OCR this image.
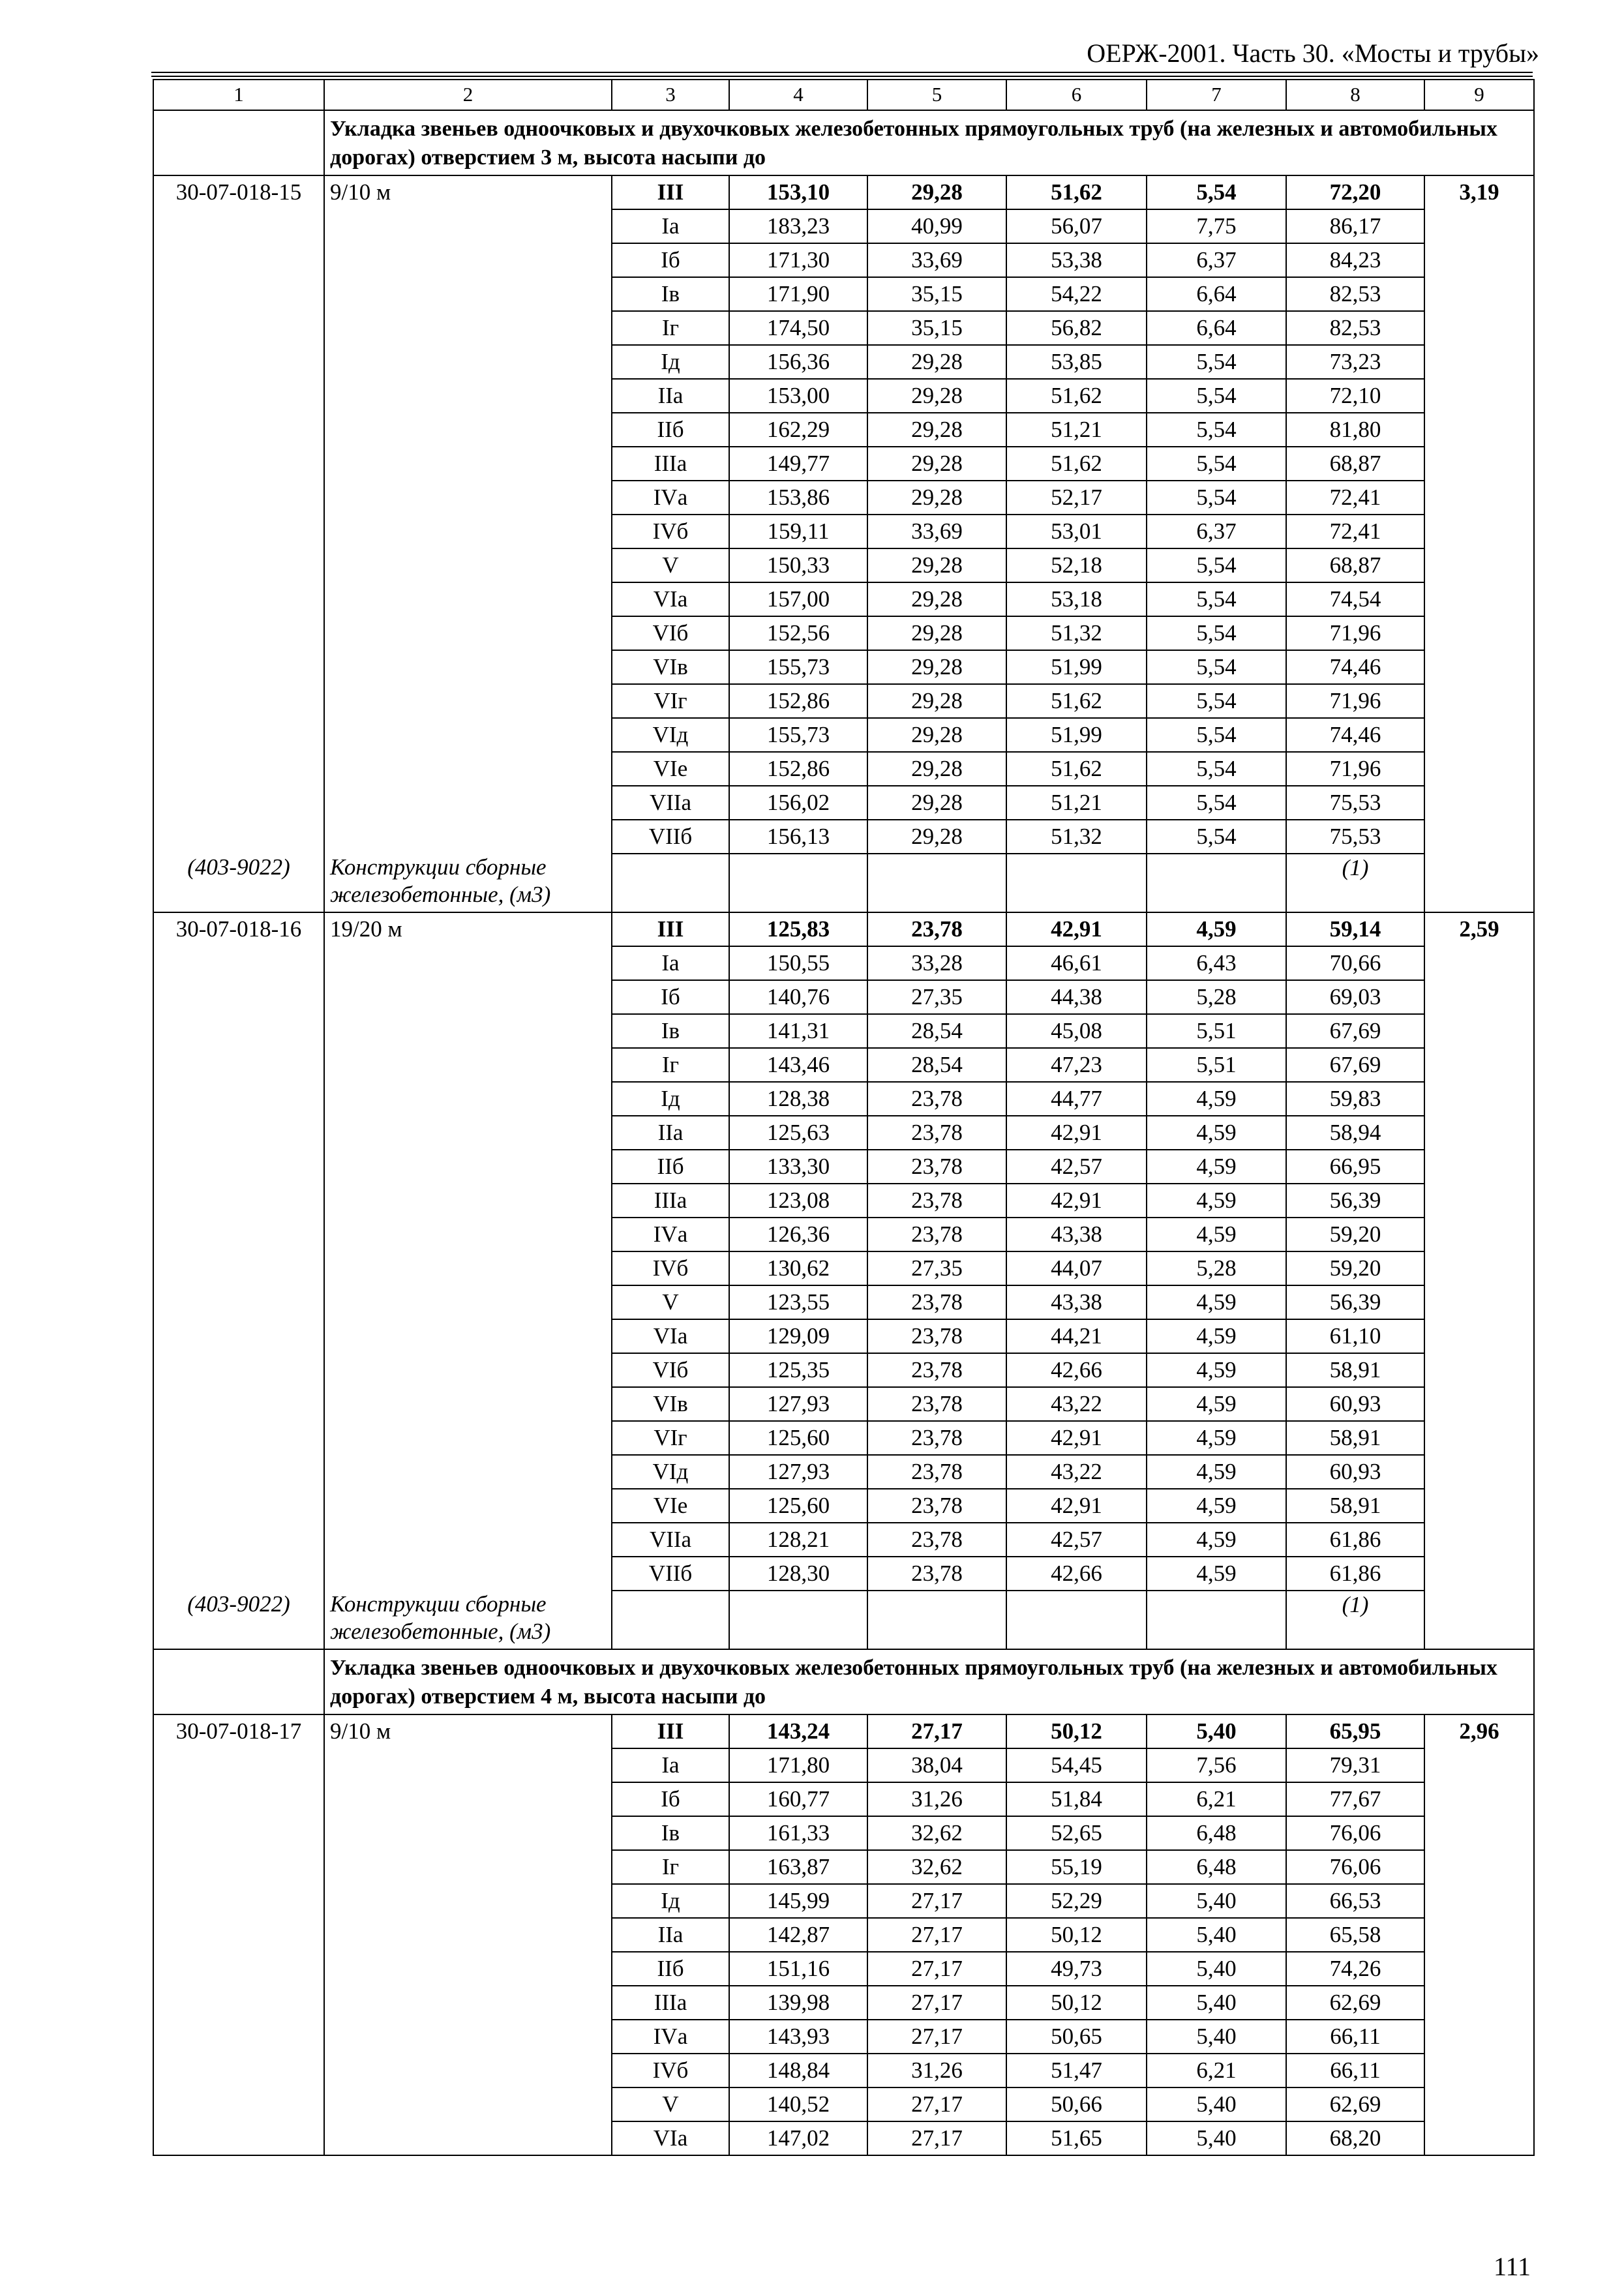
ОЕРЖ-2001. Часть 30. «Мосты и трубы»
1	2	3	4	5	6	7	8	9
	Укладка звеньев одноочковых и двухочковых железобетонных прямоугольных труб (на железных и автомобильных дорогах) отверстием 3 м, высота насыпи до							
30-07-018-15	9/10 м	III	153,10	29,28	51,62	5,54	72,20	3,19
		Iа	183,23	40,99	56,07	7,75	86,17	
		Iб	171,30	33,69	53,38	6,37	84,23	
		Iв	171,90	35,15	54,22	6,64	82,53	
		Iг	174,50	35,15	56,82	6,64	82,53	
		Iд	156,36	29,28	53,85	5,54	73,23	
		IIа	153,00	29,28	51,62	5,54	72,10	
		IIб	162,29	29,28	51,21	5,54	81,80	
		IIIа	149,77	29,28	51,62	5,54	68,87	
		IVа	153,86	29,28	52,17	5,54	72,41	
		IVб	159,11	33,69	53,01	6,37	72,41	
		V	150,33	29,28	52,18	5,54	68,87	
		VIа	157,00	29,28	53,18	5,54	74,54	
		VIб	152,56	29,28	51,32	5,54	71,96	
		VIв	155,73	29,28	51,99	5,54	74,46	
		VIг	152,86	29,28	51,62	5,54	71,96	
		VIд	155,73	29,28	51,99	5,54	74,46	
		VIе	152,86	29,28	51,62	5,54	71,96	
		VIIа	156,02	29,28	51,21	5,54	75,53	
		VIIб	156,13	29,28	51,32	5,54	75,53	
(403-9022)	Конструкции сборные железобетонные, (м3)						(1)	
30-07-018-16	19/20 м	III	125,83	23,78	42,91	4,59	59,14	2,59
		Iа	150,55	33,28	46,61	6,43	70,66	
		Iб	140,76	27,35	44,38	5,28	69,03	
		Iв	141,31	28,54	45,08	5,51	67,69	
		Iг	143,46	28,54	47,23	5,51	67,69	
		Iд	128,38	23,78	44,77	4,59	59,83	
		IIа	125,63	23,78	42,91	4,59	58,94	
		IIб	133,30	23,78	42,57	4,59	66,95	
		IIIа	123,08	23,78	42,91	4,59	56,39	
		IVа	126,36	23,78	43,38	4,59	59,20	
		IVб	130,62	27,35	44,07	5,28	59,20	
		V	123,55	23,78	43,38	4,59	56,39	
		VIа	129,09	23,78	44,21	4,59	61,10	
		VIб	125,35	23,78	42,66	4,59	58,91	
		VIв	127,93	23,78	43,22	4,59	60,93	
		VIг	125,60	23,78	42,91	4,59	58,91	
		VIд	127,93	23,78	43,22	4,59	60,93	
		VIе	125,60	23,78	42,91	4,59	58,91	
		VIIа	128,21	23,78	42,57	4,59	61,86	
		VIIб	128,30	23,78	42,66	4,59	61,86	
(403-9022)	Конструкции сборные железобетонные, (м3)						(1)	
	Укладка звеньев одноочковых и двухочковых железобетонных прямоугольных труб (на железных и автомобильных дорогах) отверстием 4 м, высота насыпи до							
30-07-018-17	9/10 м	III	143,24	27,17	50,12	5,40	65,95	2,96
		Iа	171,80	38,04	54,45	7,56	79,31	
		Iб	160,77	31,26	51,84	6,21	77,67	
		Iв	161,33	32,62	52,65	6,48	76,06	
		Iг	163,87	32,62	55,19	6,48	76,06	
		Iд	145,99	27,17	52,29	5,40	66,53	
		IIа	142,87	27,17	50,12	5,40	65,58	
		IIб	151,16	27,17	49,73	5,40	74,26	
		IIIа	139,98	27,17	50,12	5,40	62,69	
		IVа	143,93	27,17	50,65	5,40	66,11	
		IVб	148,84	31,26	51,47	6,21	66,11	
		V	140,52	27,17	50,66	5,40	62,69	
		VIа	147,02	27,17	51,65	5,40	68,20	
111
